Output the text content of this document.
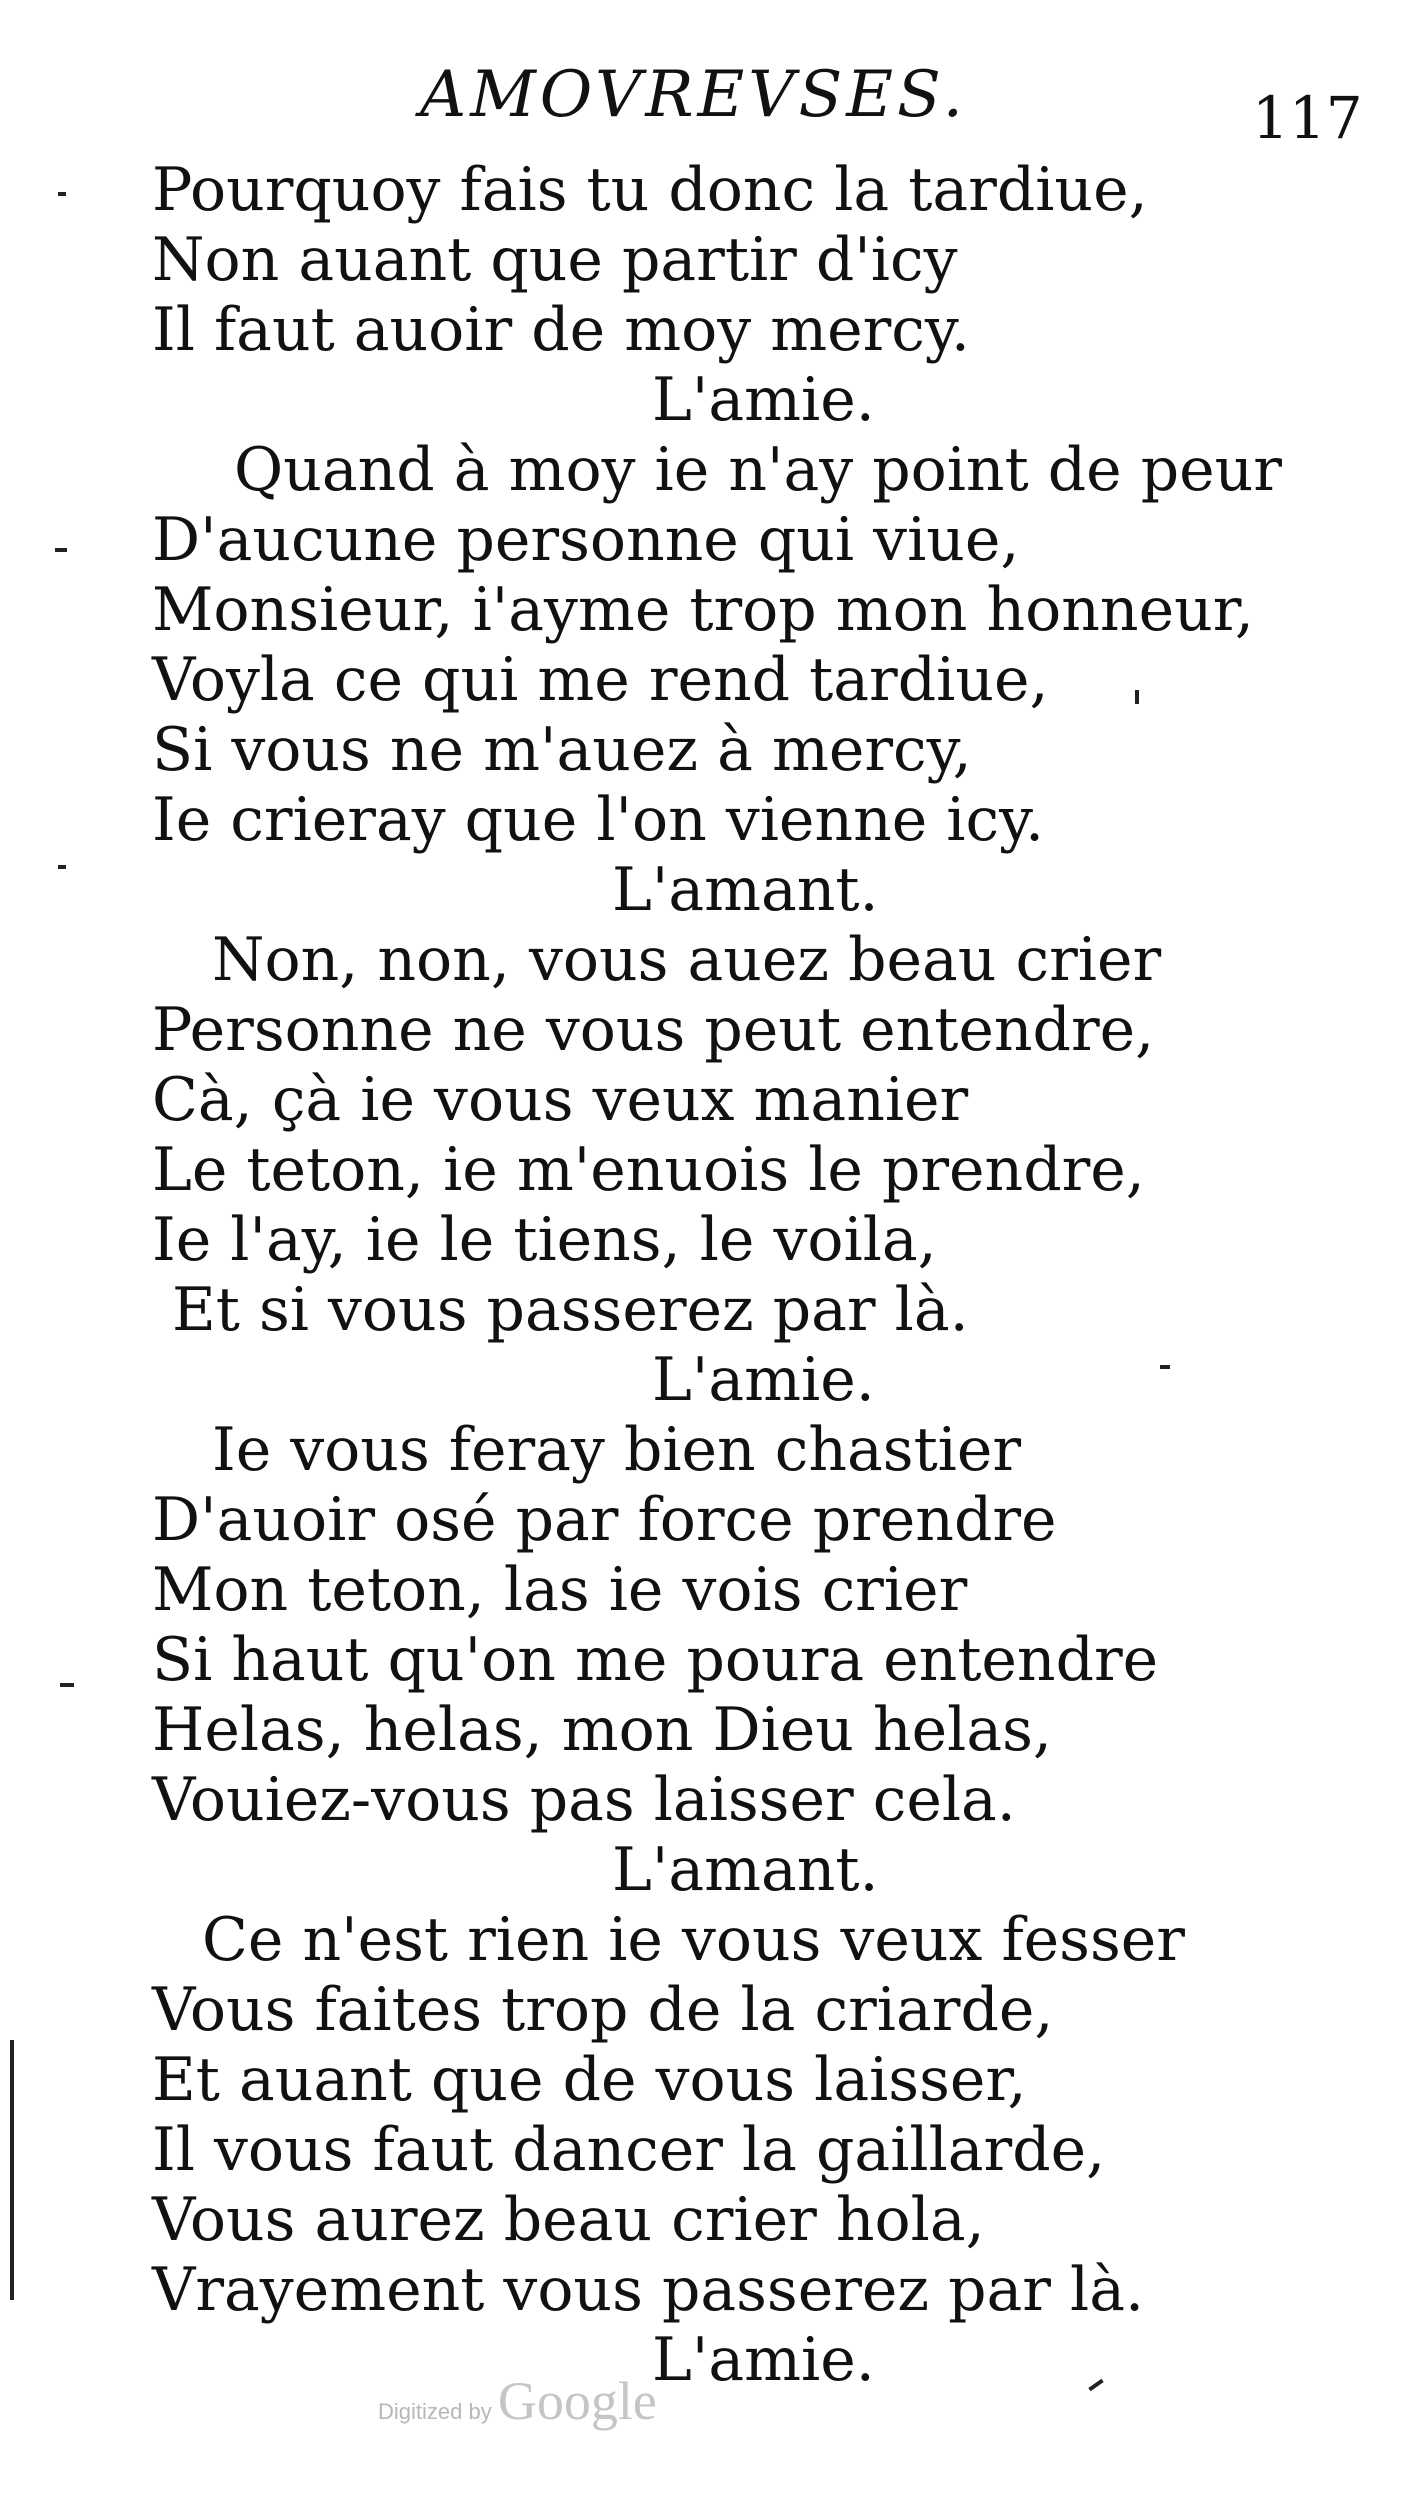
AMOVREVSES.	117
Pourquoy fais tu donc la tardiue,
Non auant que partir d'icy
Il faut auoir de moy mercy.
L'amie.
Quand à moy ie n'ay point de peur
D'aucune personne qui viue,
Monsieur, i'ayme trop mon honneur,
Voyla ce qui me rend tardiue,
Si vous ne m'auez à mercy,
Ie crieray que l'on vienne icy.
L'amant.
Non, non, vous auez beau crier
Personne ne vous peut entendre,
Cà, çà ie vous veux manier
Le teton, ie m'enuois le prendre,
Ie l'ay, ie le tiens, le voila,
Et si vous passerez par là.
L'amie.
Ie vous feray bien chastier
D'auoir osé par force prendre
Mon teton, las ie vois crier
Si haut qu'on me poura entendre
Helas, helas, mon Dieu helas,
Vouiez-vous pas laisser cela.
L'amant.
Ce n'est rien ie vous veux fesser
Vous faites trop de la criarde,
Et auant que de vous laisser,
Il vous faut dancer la gaillarde,
Vous aurez beau crier hola,
Vrayement vous passerez par là.
L'amie.
Digitized by Google
